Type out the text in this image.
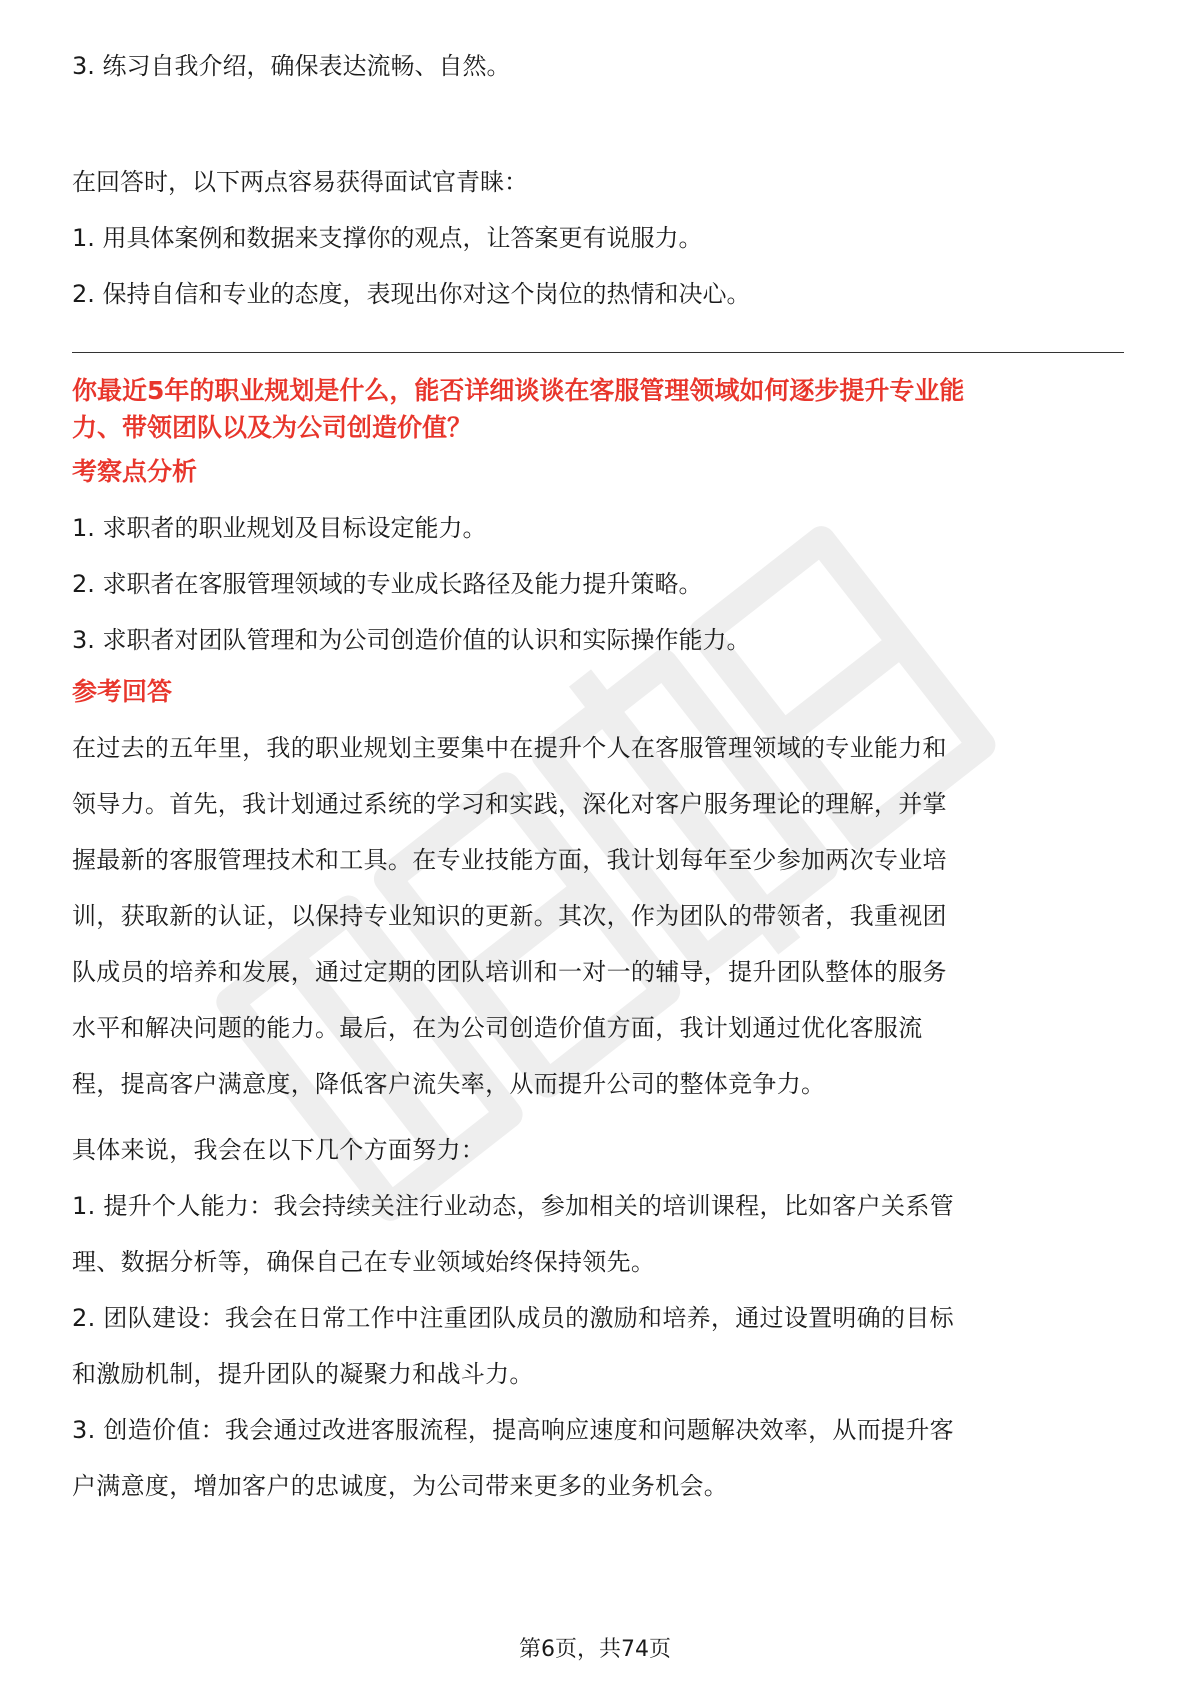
3. 练习自我介绍，确保表达流畅、自然。

在回答时，以下两点容易获得面试官青睐：

1. 用具体案例和数据来支撑你的观点，让答案更有说服力。

2. 保持自信和专业的态度，表现出你对这个岗位的热情和决心。

你最近5年的职业规划是什么，能否详细谈谈在客服管理领域如何逐步提升专业能
力、带领团队以及为公司创造价值？

考察点分析

1. 求职者的职业规划及目标设定能力。

2. 求职者在客服管理领域的专业成长路径及能力提升策略。

3. 求职者对团队管理和为公司创造价值的认识和实际操作能力。

参考回答

在过去的五年里，我的职业规划主要集中在提升个人在客服管理领域的专业能力和

领导力。首先，我计划通过系统的学习和实践，深化对客户服务理论的理解，并掌

握最新的客服管理技术和工具。在专业技能方面，我计划每年至少参加两次专业培

训，获取新的认证，以保持专业知识的更新。其次，作为团队的带领者，我重视团

队成员的培养和发展，通过定期的团队培训和一对一的辅导，提升团队整体的服务

水平和解决问题的能力。最后，在为公司创造价值方面，我计划通过优化客服流

程，提高客户满意度，降低客户流失率，从而提升公司的整体竞争力。

具体来说，我会在以下几个方面努力：

1. 提升个人能力：我会持续关注行业动态，参加相关的培训课程，比如客户关系管

理、数据分析等，确保自己在专业领域始终保持领先。

2. 团队建设：我会在日常工作中注重团队成员的激励和培养，通过设置明确的目标

和激励机制，提升团队的凝聚力和战斗力。

3. 创造价值：我会通过改进客服流程，提高响应速度和问题解决效率，从而提升客

户满意度，增加客户的忠诚度，为公司带来更多的业务机会。

第6页，共74页
